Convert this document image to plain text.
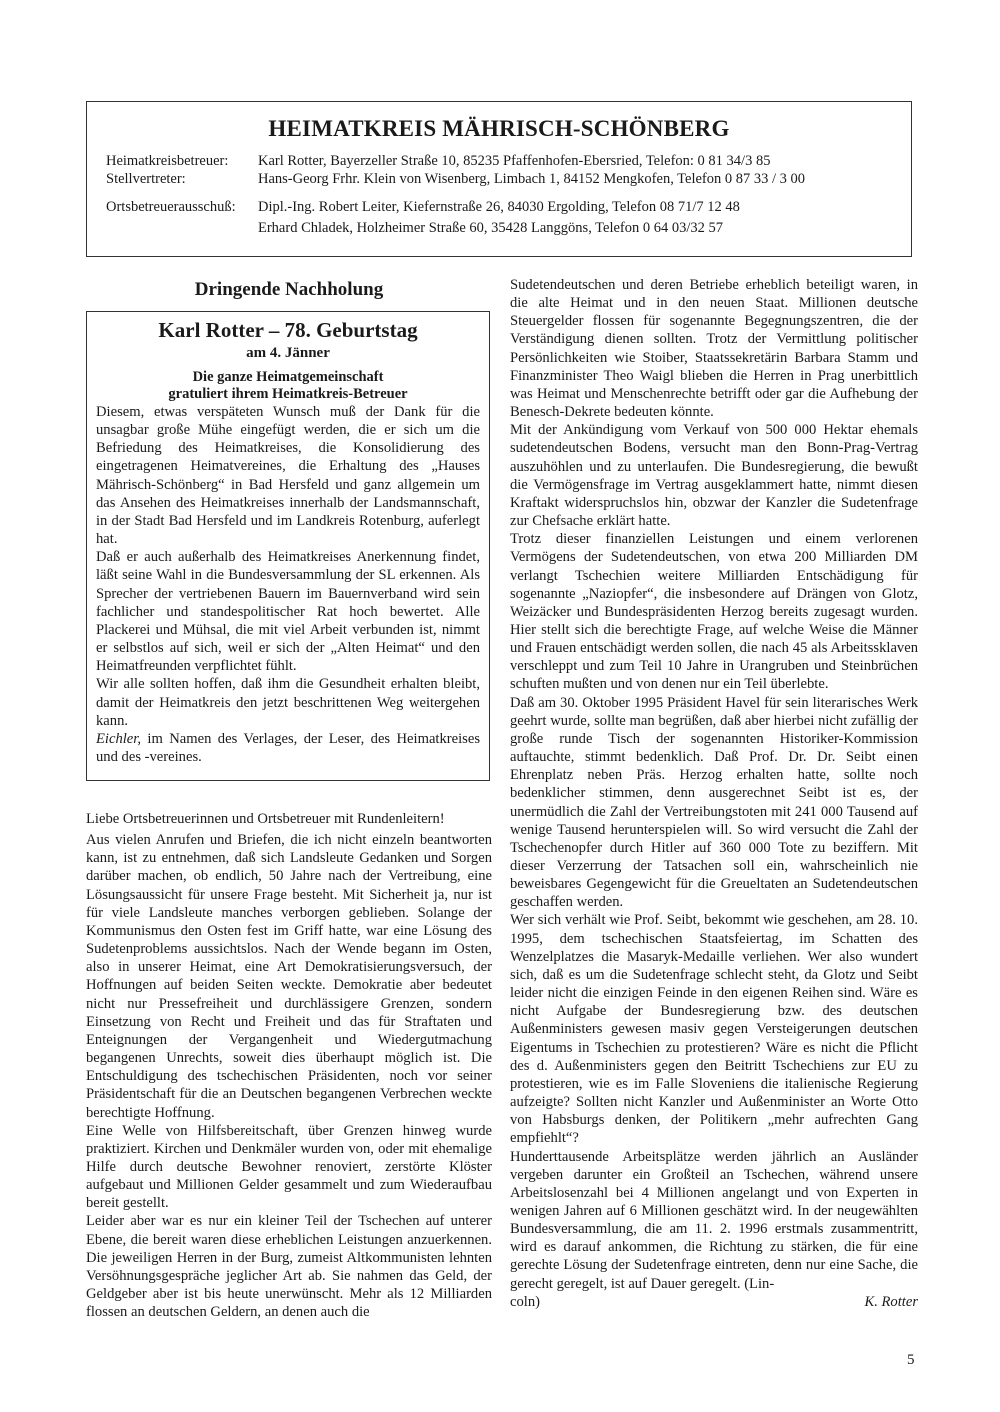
HEIMATKREIS MÄHRISCH-SCHÖNBERG
Heimatkreisbetreuer: Karl Rotter, Bayerzeller Straße 10, 85235 Pfaffenhofen-Ebersried, Telefon: 0 81 34/3 85
Stellvertreter:	Hans-Georg Frhr. Klein von Wisenberg, Limbach 1, 84152 Mengkofen, Telefon 0 87 33 / 3 00
Ortsbetreuerausschuß: Dipl.-Ing. Robert Leiter, Kiefernstraße 26, 84030 Ergolding, Telefon 08 71/7 12 48
Erhard Chladek, Holzheimer Straße 60, 35428 Langgöns, Telefon 0 64 03/32 57
Dringende Nachholung
Karl Rotter – 78. Geburtstag
am 4. Jänner
Die ganze Heimatgemeinschaft
gratuliert ihrem Heimatkreis-Betreuer

Diesem, etwas verspäteten Wunsch muß der Dank für die unsagbar große Mühe eingefügt werden, die er sich um die Befriedung des Heimatkreises, die Konsolidierung des eingetragenen Heimatvereines, die Erhaltung des „Hauses Mährisch-Schönberg“ in Bad Hersfeld und ganz allgemein um das Ansehen des Heimatkreises innerhalb der Landsmannschaft, in der Stadt Bad Hersfeld und im Landkreis Rotenburg, auferlegt hat.

Daß er auch außerhalb des Heimatkreises Anerkennung findet, läßt seine Wahl in die Bundesversammlung der SL erkennen. Als Sprecher der vertriebenen Bauern im Bauernverband wird sein fachlicher und standespolitischer Rat hoch bewertet. Alle Plackerei und Mühsal, die mit viel Arbeit verbunden ist, nimmt er selbstlos auf sich, weil er sich der „Alten Heimat“ und den Heimatfreunden verpflichtet fühlt.

Wir alle sollten hoffen, daß ihm die Gesundheit erhalten bleibt, damit der Heimatkreis den jetzt beschrittenen Weg weitergehen kann.

Eichler, im Namen des Verlages, der Leser, des Heimatkreises und des -vereines.

Liebe Ortsbetreuerinnen und Ortsbetreuer mit Rundenleitern!

Aus vielen Anrufen und Briefen, die ich nicht einzeln beantworten kann, ist zu entnehmen, daß sich Landsleute Gedanken und Sorgen darüber machen, ob endlich, 50 Jahre nach der Vertreibung, eine Lösungsaussicht für unsere Frage besteht. Mit Sicherheit ja, nur ist für viele Landsleute manches verborgen geblieben. Solange der Kommunismus den Osten fest im Griff hatte, war eine Lösung des Sudetenproblems aussichtslos. Nach der Wende begann im Osten, also in unserer Heimat, eine Art Demokratisierungsversuch, der Hoffnungen auf beiden Seiten weckte. Demokratie aber bedeutet nicht nur Pressefreiheit und durchlässigere Grenzen, sondern Einsetzung von Recht und Freiheit und das für Straftaten und Enteignungen der Vergangenheit und Wiedergutmachung begangenen Unrechts, soweit dies überhaupt möglich ist. Die Entschuldigung des tschechischen Präsidenten, noch vor seiner Präsidentschaft für die an Deutschen begangenen Verbrechen weckte berechtigte Hoffnung.

Eine Welle von Hilfsbereitschaft, über Grenzen hinweg wurde praktiziert. Kirchen und Denkmäler wurden von, oder mit ehemalige Hilfe durch deutsche Bewohner renoviert, zerstörte Klöster aufgebaut und Millionen Gelder gesammelt und zum Wiederaufbau bereit gestellt.

Leider aber war es nur ein kleiner Teil der Tschechen auf unterer Ebene, die bereit waren diese erheblichen Leistungen anzuerkennen. Die jeweiligen Herren in der Burg, zumeist Altkommunisten lehnten Versöhnungsgespräche jeglicher Art ab. Sie nahmen das Geld, der Geldgeber aber ist bis heute unerwünscht. Mehr als 12 Milliarden flossen an deutschen Geldern, an denen auch die

Sudetendeutschen und deren Betriebe erheblich beteiligt waren, in die alte Heimat und in den neuen Staat. Millionen deutsche Steuergelder flossen für sogenannte Begegnungszentren, die der Verständigung dienen sollten. Trotz der Vermittlung politischer Persönlichkeiten wie Stoiber, Staatssekretärin Barbara Stamm und Finanzminister Theo Waigl blieben die Herren in Prag unerbittlich was Heimat und Menschenrechte betrifft oder gar die Aufhebung der Benesch-Dekrete bedeuten könnte.

Mit der Ankündigung vom Verkauf von 500 000 Hektar ehemals sudetendeutschen Bodens, versucht man den Bonn-Prag-Vertrag auszuhöhlen und zu unterlaufen. Die Bundesregierung, die bewußt die Vermögensfrage im Vertrag ausgeklammert hatte, nimmt diesen Kraftakt widerspruchslos hin, obzwar der Kanzler die Sudetenfrage zur Chefsache erklärt hatte.

Trotz dieser finanziellen Leistungen und einem verlorenen Vermögens der Sudetendeutschen, von etwa 200 Milliarden DM verlangt Tschechien weitere Milliarden Entschädigung für sogenannte „Naziopfer“, die insbesondere auf Drängen von Glotz, Weizäcker und Bundespräsidenten Herzog bereits zugesagt wurden. Hier stellt sich die berechtigte Frage, auf welche Weise die Männer und Frauen entschädigt werden sollen, die nach 45 als Arbeitssklaven verschleppt und zum Teil 10 Jahre in Urangruben und Steinbrüchen schuften mußten und von denen nur ein Teil überlebte.

Daß am 30. Oktober 1995 Präsident Havel für sein literarisches Werk geehrt wurde, sollte man begrüßen, daß aber hierbei nicht zufällig der große runde Tisch der sogenannten Historiker-Kommission auftauchte, stimmt bedenklich. Daß Prof. Dr. Dr. Seibt einen Ehrenplatz neben Präs. Herzog erhalten hatte, sollte noch bedenklicher stimmen, denn ausgerechnet Seibt ist es, der unermüdlich die Zahl der Vertreibungstoten mit 241 000 Tausend auf wenige Tausend herunterspielen will. So wird versucht die Zahl der Tschechenopfer durch Hitler auf 360 000 Tote zu beziffern. Mit dieser Verzerrung der Tatsachen soll ein, wahrscheinlich nie beweisbares Gegengewicht für die Greueltaten an Sudetendeutschen geschaffen werden.

Wer sich verhält wie Prof. Seibt, bekommt wie geschehen, am 28. 10. 1995, dem tschechischen Staatsfeiertag, im Schatten des Wenzelplatzes die Masaryk-Medaille verliehen. Wer also wundert sich, daß es um die Sudetenfrage schlecht steht, da Glotz und Seibt leider nicht die einzigen Feinde in den eigenen Reihen sind. Wäre es nicht Aufgabe der Bundesregierung bzw. des deutschen Außenministers gewesen masiv gegen Versteigerungen deutschen Eigentums in Tschechien zu protestieren? Wäre es nicht die Pflicht des d. Außenministers gegen den Beitritt Tschechiens zur EU zu protestieren, wie es im Falle Sloveniens die italienische Regierung aufzeigte? Sollten nicht Kanzler und Außenminister an Worte Otto von Habsburgs denken, der Politikern „mehr aufrechten Gang empfiehlt“?

Hunderttausende Arbeitsplätze werden jährlich an Ausländer vergeben darunter ein Großteil an Tschechen, während unsere Arbeitslosenzahl bei 4 Millionen angelangt und von Experten in wenigen Jahren auf 6 Millionen geschätzt wird. In der neugewählten Bundesversammlung, die am 11. 2. 1996 erstmals zusammentritt, wird es darauf ankommen, die Richtung zu stärken, die für eine gerechte Lösung der Sudetenfrage eintreten, denn nur eine Sache, die gerecht geregelt, ist auf Dauer geregelt. (Lin-

coln)	K. Rotter

5
